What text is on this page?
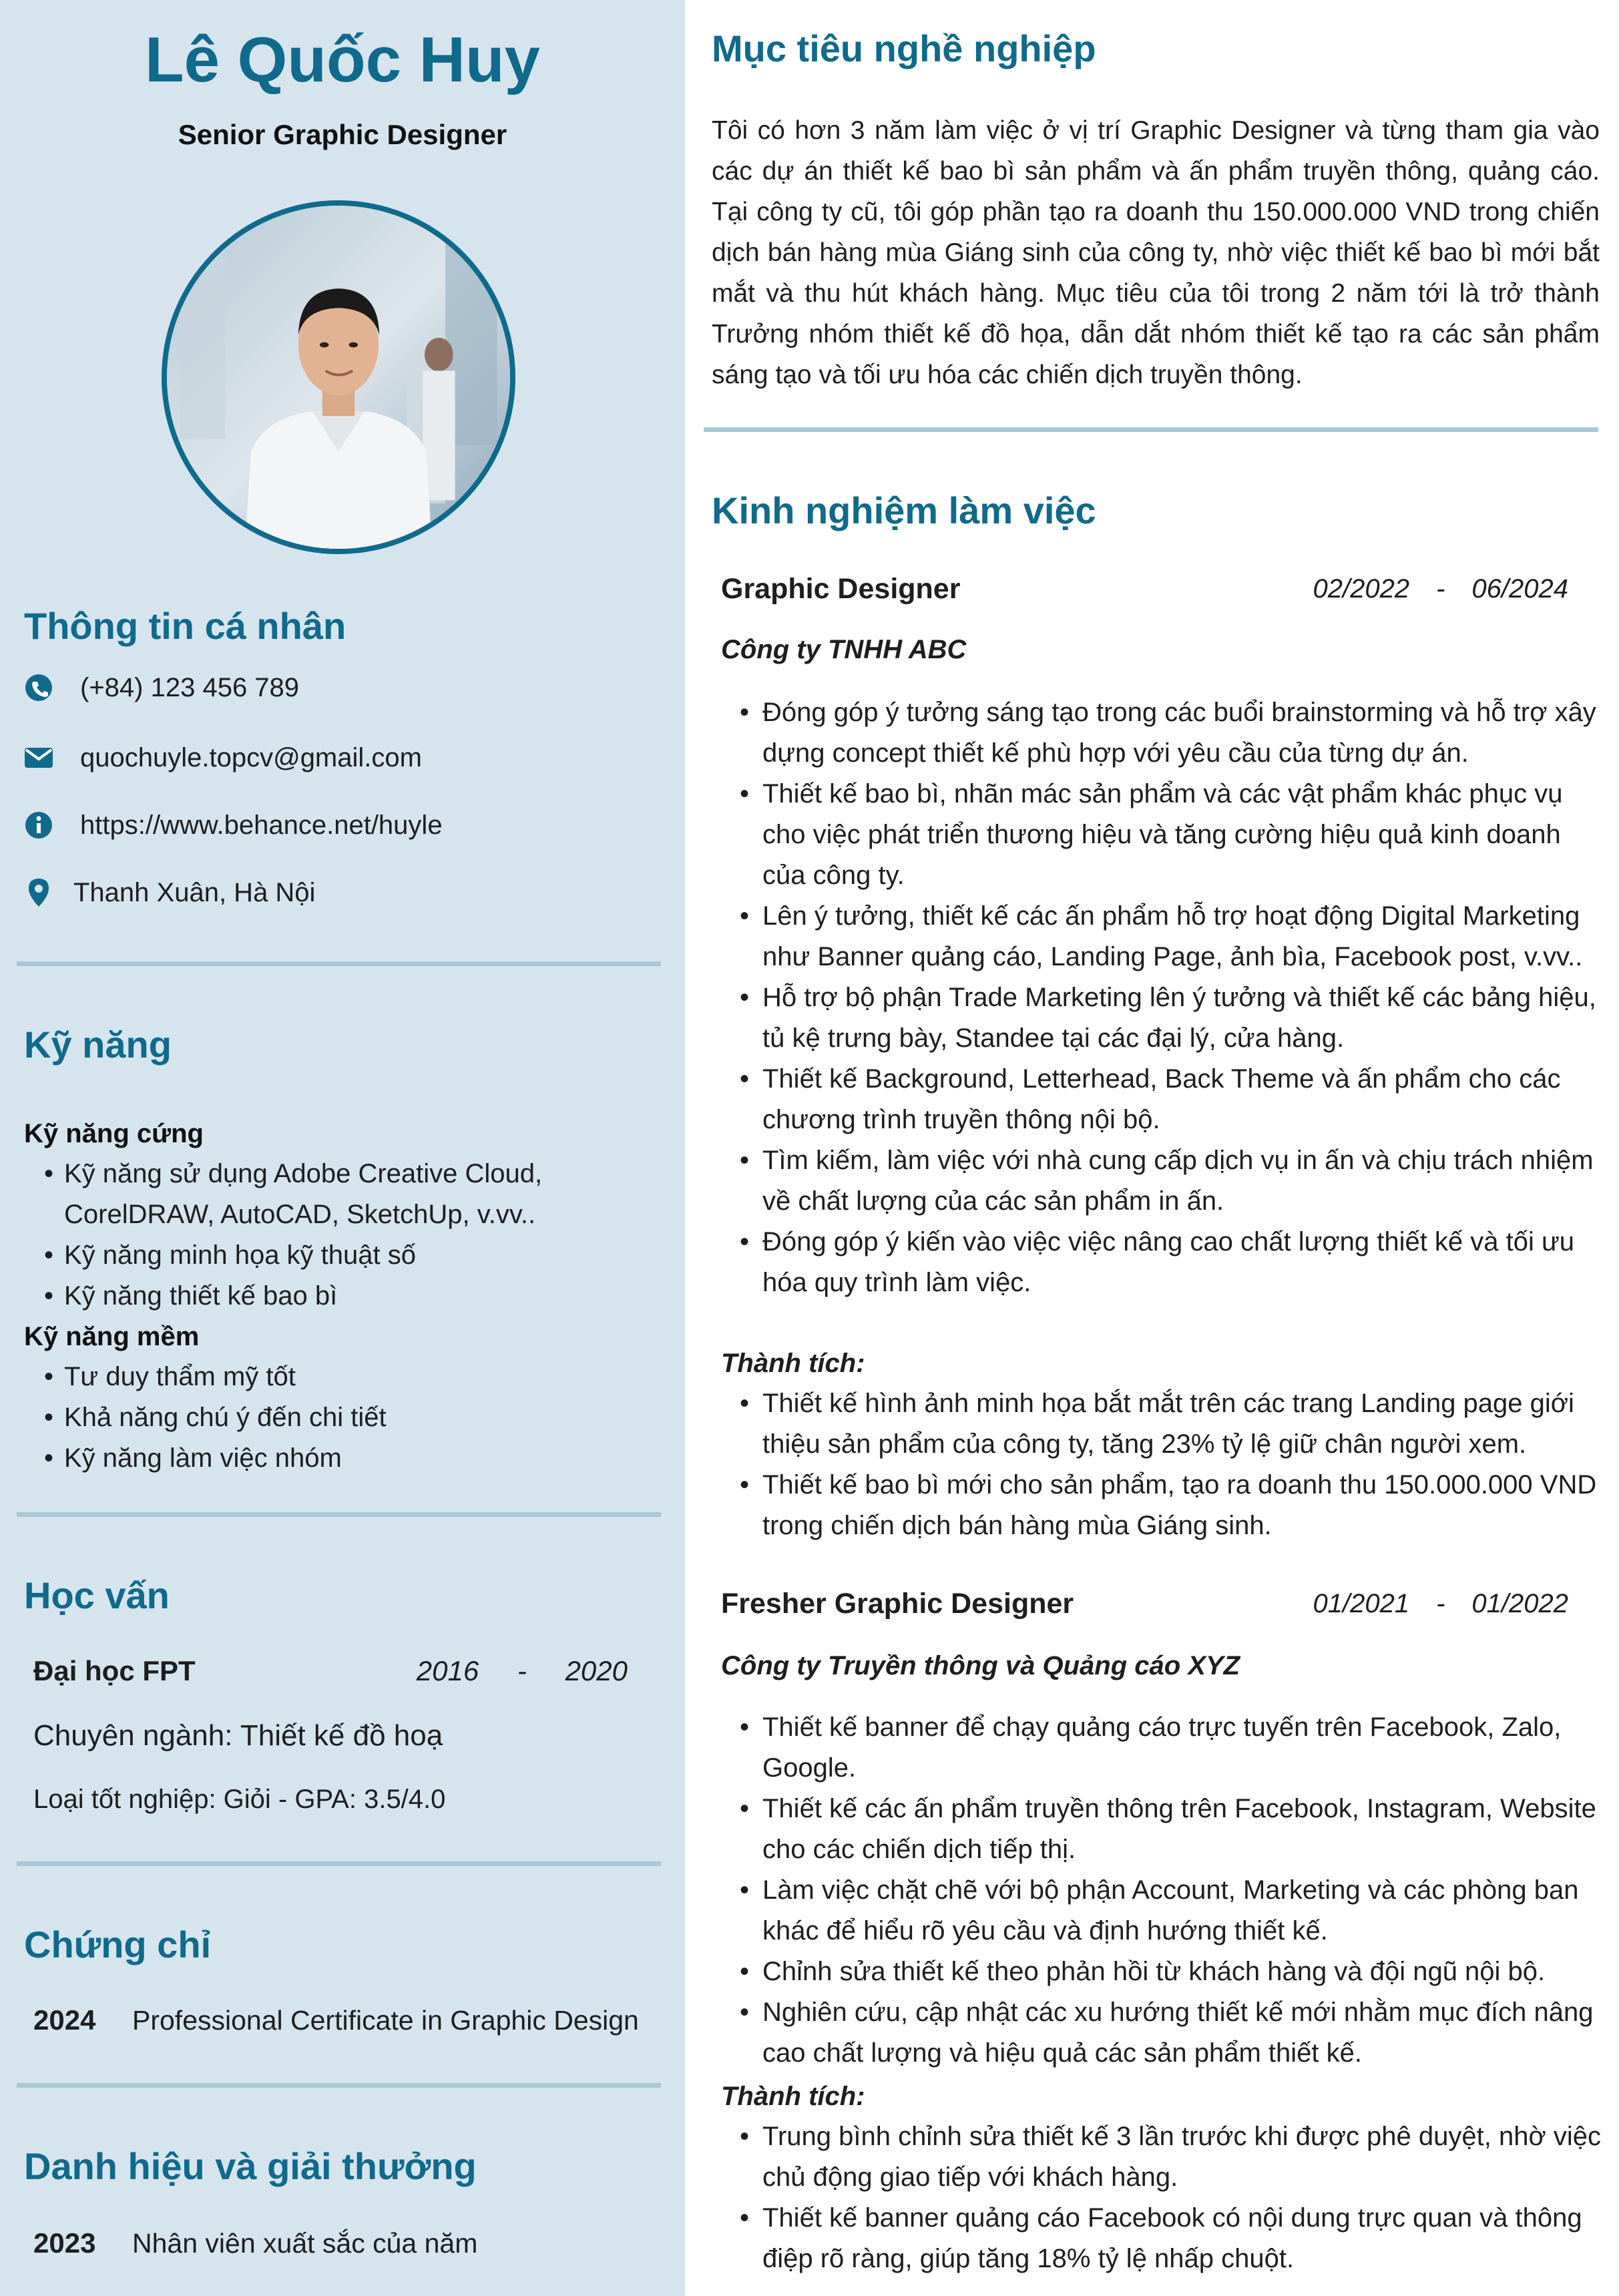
Lê Quốc Huy
Senior Graphic Designer
Thông tin cá nhân
(+84) 123 456 789
quochuyle.topcv@gmail.com
https://www.behance.net/huyle
Thanh Xuân, Hà Nội
Kỹ năng
Kỹ năng cứng
• Kỹ năng sử dụng Adobe Creative Cloud, CorelDRAW, AutoCAD, SketchUp, v.vv..
• Kỹ năng minh họa kỹ thuật số
• Kỹ năng thiết kế bao bì
Kỹ năng mềm
• Tư duy thẩm mỹ tốt
• Khả năng chú ý đến chi tiết
• Kỹ năng làm việc nhóm
Học vấn
Đại học FPT	2016 - 2020
Chuyên ngành: Thiết kế đồ hoạ
Loại tốt nghiệp: Giỏi - GPA: 3.5/4.0
Chứng chỉ
2024 Professional Certificate in Graphic Design
Danh hiệu và giải thưởng
2023 Nhân viên xuất sắc của năm
Mục tiêu nghề nghiệp

Tôi có hơn 3 năm làm việc ở vị trí Graphic Designer và từng tham gia vào các dự án thiết kế bao bì sản phẩm và ấn phẩm truyền thông, quảng cáo. Tại công ty cũ, tôi góp phần tạo ra doanh thu 150.000.000 VND trong chiến dịch bán hàng mùa Giáng sinh của công ty, nhờ việc thiết kế bao bì mới bắt mắt và thu hút khách hàng. Mục tiêu của tôi trong 2 năm tới là trở thành Trưởng nhóm thiết kế đồ họa, dẫn dắt nhóm thiết kế tạo ra các sản phẩm sáng tạo và tối ưu hóa các chiến dịch truyền thông.

Kinh nghiệm làm việc
Graphic Designer	02/2022 - 06/2024
Công ty TNHH ABC
• Đóng góp ý tưởng sáng tạo trong các buổi brainstorming và hỗ trợ xây dựng concept thiết kế phù hợp với yêu cầu của từng dự án.
• Thiết kế bao bì, nhãn mác sản phẩm và các vật phẩm khác phục vụ cho việc phát triển thương hiệu và tăng cường hiệu quả kinh doanh của công ty.
• Lên ý tưởng, thiết kế các ấn phẩm hỗ trợ hoạt động Digital Marketing như Banner quảng cáo, Landing Page, ảnh bìa, Facebook post, v.vv..
• Hỗ trợ bộ phận Trade Marketing lên ý tưởng và thiết kế các bảng hiệu, tủ kệ trưng bày, Standee tại các đại lý, cửa hàng.
• Thiết kế Background, Letterhead, Back Theme và ấn phẩm cho các chương trình truyền thông nội bộ.
• Tìm kiếm, làm việc với nhà cung cấp dịch vụ in ấn và chịu trách nhiệm về chất lượng của các sản phẩm in ấn.
• Đóng góp ý kiến vào việc việc nâng cao chất lượng thiết kế và tối ưu hóa quy trình làm việc.
Thành tích:
• Thiết kế hình ảnh minh họa bắt mắt trên các trang Landing page giới thiệu sản phẩm của công ty, tăng 23% tỷ lệ giữ chân người xem.
• Thiết kế bao bì mới cho sản phẩm, tạo ra doanh thu 150.000.000 VND trong chiến dịch bán hàng mùa Giáng sinh.
Fresher Graphic Designer	01/2021 - 01/2022
Công ty Truyền thông và Quảng cáo XYZ
• Thiết kế banner để chạy quảng cáo trực tuyến trên Facebook, Zalo, Google.
• Thiết kế các ấn phẩm truyền thông trên Facebook, Instagram, Website cho các chiến dịch tiếp thị.
• Làm việc chặt chẽ với bộ phận Account, Marketing và các phòng ban khác để hiểu rõ yêu cầu và định hướng thiết kế.
• Chỉnh sửa thiết kế theo phản hồi từ khách hàng và đội ngũ nội bộ.
• Nghiên cứu, cập nhật các xu hướng thiết kế mới nhằm mục đích nâng cao chất lượng và hiệu quả các sản phẩm thiết kế.
Thành tích:
• Trung bình chỉnh sửa thiết kế 3 lần trước khi được phê duyệt, nhờ việc chủ động giao tiếp với khách hàng.
• Thiết kế banner quảng cáo Facebook có nội dung trực quan và thông điệp rõ ràng, giúp tăng 18% tỷ lệ nhấp chuột.
